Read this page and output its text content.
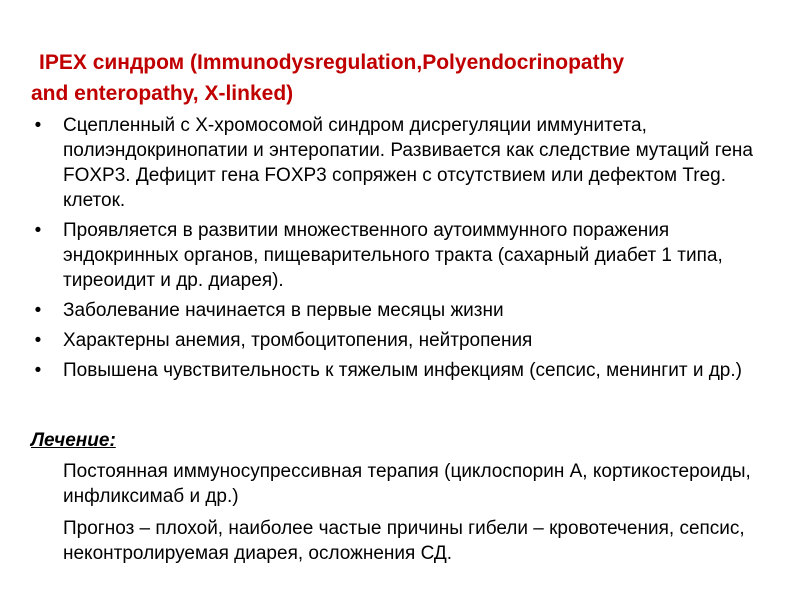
IPEX синдром (Immunodysregulation,Polyendocrinopathy
and enteropathy, X-linked)
• Сцепленный с X-хромосомой синдром дисрегуляции иммунитета, полиэндокринопатии и энтеропатии. Развивается как следствие мутаций гена FOXP3. Дефицит гена FOXP3 сопряжен с отсутствием или дефектом Treg. клеток.
• Проявляется в развитии множественного аутоиммунного поражения эндокринных органов, пищеварительного тракта (сахарный диабет 1 типа, тиреоидит и др. диарея).
• Заболевание начинается в первые месяцы жизни
• Характерны анемия, тромбоцитопения, нейтропения
• Повышена чувствительность к тяжелым инфекциям (сепсис, менингит и др.)

Лечение:

Постоянная иммуносупрессивная терапия (циклоспорин А, кортикостероиды, инфликсимаб и др.)

Прогноз – плохой, наиболее частые причины гибели – кровотечения, сепсис, неконтролируемая диарея, осложнения СД.
